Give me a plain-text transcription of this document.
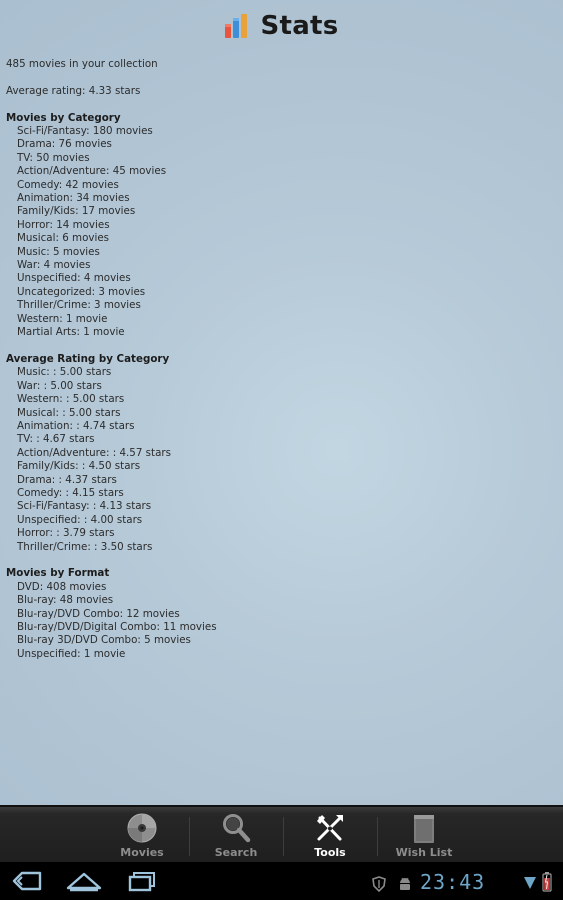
Stats
485 movies in your collection
Average rating: 4.33 stars
Movies by Category
Sci-Fi/Fantasy: 180 movies
Drama: 76 movies
TV: 50 movies
Action/Adventure: 45 movies
Comedy: 42 movies
Animation: 34 movies
Family/Kids: 17 movies
Horror: 14 movies
Musical: 6 movies
Music: 5 movies
War: 4 movies
Unspecified: 4 movies
Uncategorized: 3 movies
Thriller/Crime: 3 movies
Western: 1 movie
Martial Arts: 1 movie
Average Rating by Category
Music: : 5.00 stars
War: : 5.00 stars
Western: : 5.00 stars
Musical: : 5.00 stars
Animation: : 4.74 stars
TV: : 4.67 stars
Action/Adventure: : 4.57 stars
Family/Kids: : 4.50 stars
Drama: : 4.37 stars
Comedy: : 4.15 stars
Sci-Fi/Fantasy: : 4.13 stars
Unspecified: : 4.00 stars
Horror: : 3.79 stars
Thriller/Crime: : 3.50 stars
Movies by Format
DVD: 408 movies
Blu-ray: 48 movies
Blu-ray/DVD Combo: 12 movies
Blu-ray/DVD/Digital Combo: 11 movies
Blu-ray 3D/DVD Combo: 5 movies
Unspecified: 1 movie
Movies	Search	Tools	Wish List
23:43
